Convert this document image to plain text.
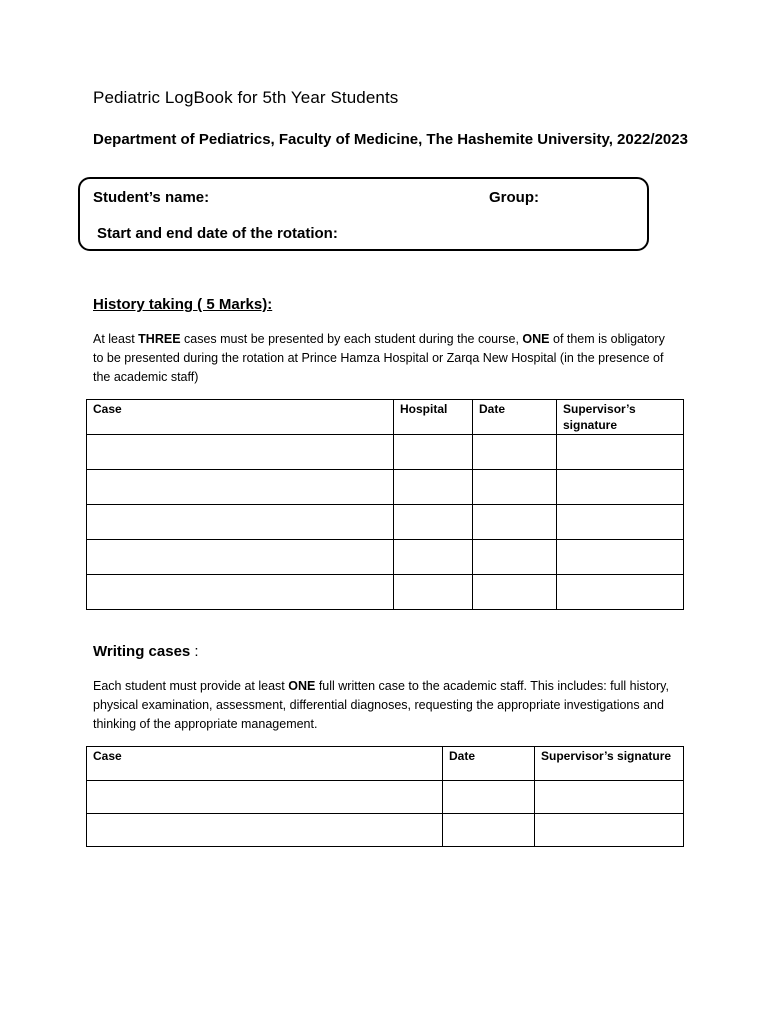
Pediatric LogBook for 5th Year Students
Department of Pediatrics, Faculty of Medicine, The Hashemite University, 2022/2023
Student’s name:	Group:
Start and end date of the rotation:
History taking ( 5 Marks):
At least THREE cases must be presented by each student during the course, ONE of them is obligatory to be presented during the rotation at Prince Hamza Hospital or Zarqa New Hospital (in the presence of the academic staff)
Case	Hospital	Date	Supervisor’s signature

Writing cases :
Each student must provide at least ONE full written case to the academic staff. This includes: full history, physical examination, assessment, differential diagnoses, requesting the appropriate investigations and thinking of the appropriate management.
Case	Date	Supervisor’s signature
